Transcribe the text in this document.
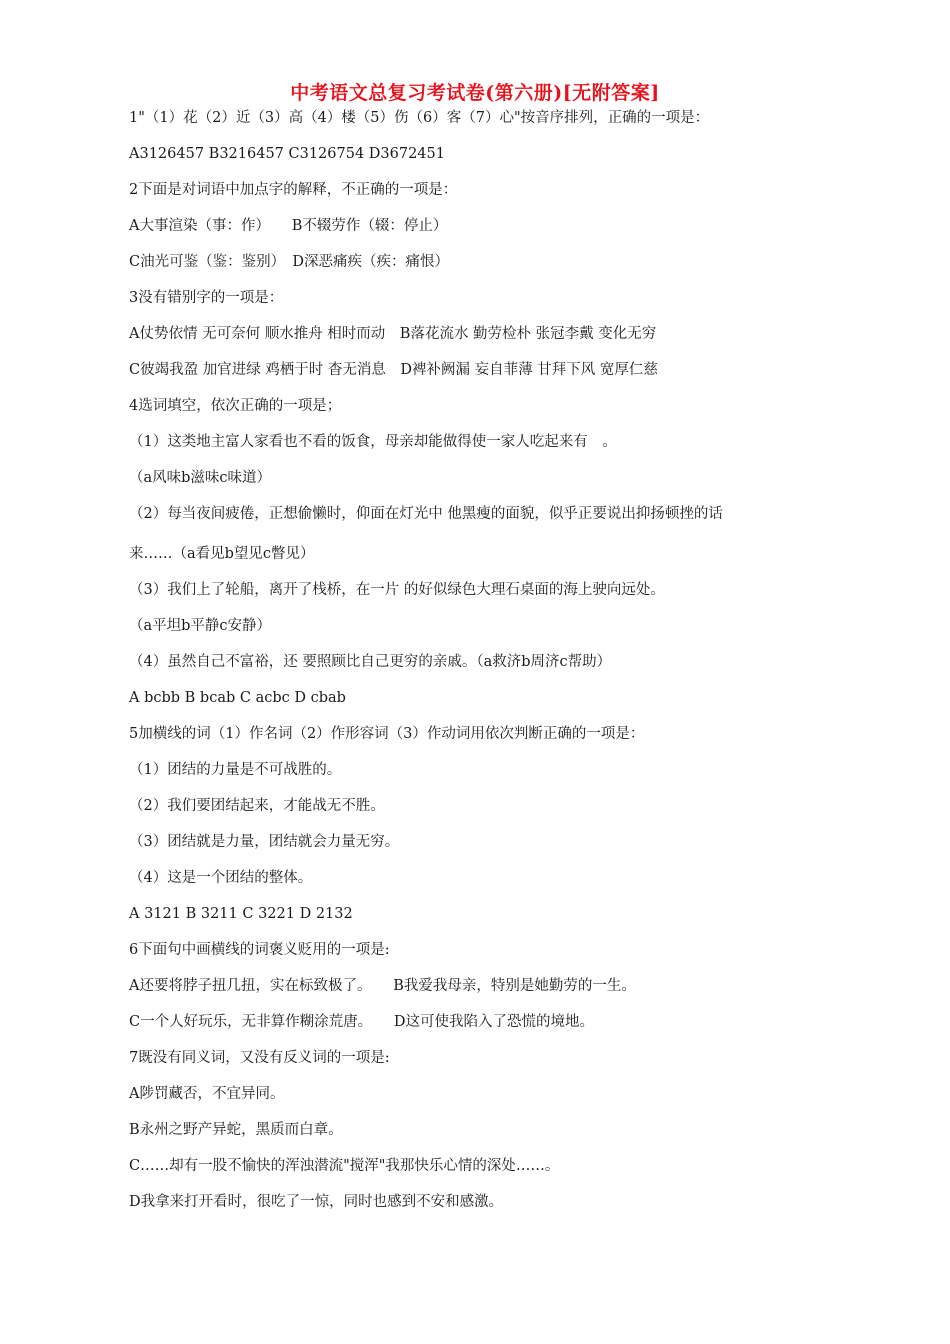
中考语文总复习考试卷(第六册)[无附答案]
1"（1）花（2）近（3）高（4）楼（5）伤（6）客（7）心"按音序排列，正确的一项是：
A3126457 B3216457 C3126754 D3672451
2下面是对词语中加点字的解释，不正确的一项是：
A大事渲染（事：作）　　B不辍劳作（辍：停止）
C油光可鉴（鉴：鉴别）　D深恶痛疾（疾：痛恨）
3没有错别字的一项是：
A仗势依情 无可奈何 顺水推舟 相时而动　B落花流水 勤劳检朴 张冠李戴 变化无穷
C彼竭我盈 加官进绿 鸡栖于时 杳无消息　D裨补阙漏 妄自菲薄 甘拜下风 宽厚仁慈
4选词填空，依次正确的一项是；
（1）这类地主富人家看也不看的饭食，母亲却能做得使一家人吃起来有　。
（a风味b滋味c味道）
（2）每当夜间疲倦，正想偷懒时，仰面在灯光中 他黑瘦的面貌，似乎正要说出抑扬顿挫的话
来……（a看见b望见c瞥见）
（3）我们上了轮船，离开了栈桥，在一片 的好似绿色大理石桌面的海上驶向远处。
（a平坦b平静c安静）
（4）虽然自己不富裕，还 要照顾比自己更穷的亲戚。（a救济b周济c帮助）
A bcbb B bcab C acbc D cbab
5加横线的词（1）作名词（2）作形容词（3）作动词用依次判断正确的一项是：
（1）团结的力量是不可战胜的。
（2）我们要团结起来，才能战无不胜。
（3）团结就是力量，团结就会力量无穷。
（4）这是一个团结的整体。
A 3121 B 3211 C 3221 D 2132
6下面句中画横线的词褒义贬用的一项是:
A还要将脖子扭几扭，实在标致极了。　　B我爱我母亲，特别是她勤劳的一生。
C一个人好玩乐，无非算作糊涂荒唐。　　D这可使我陷入了恐慌的境地。
7既没有同义词，又没有反义词的一项是:
A陟罚藏否，不宜异同。
B永州之野产异蛇，黑质而白章。
C……却有一股不愉快的浑浊潜流"搅浑"我那快乐心情的深处……。
D我拿来打开看时，很吃了一惊，同时也感到不安和感激。
